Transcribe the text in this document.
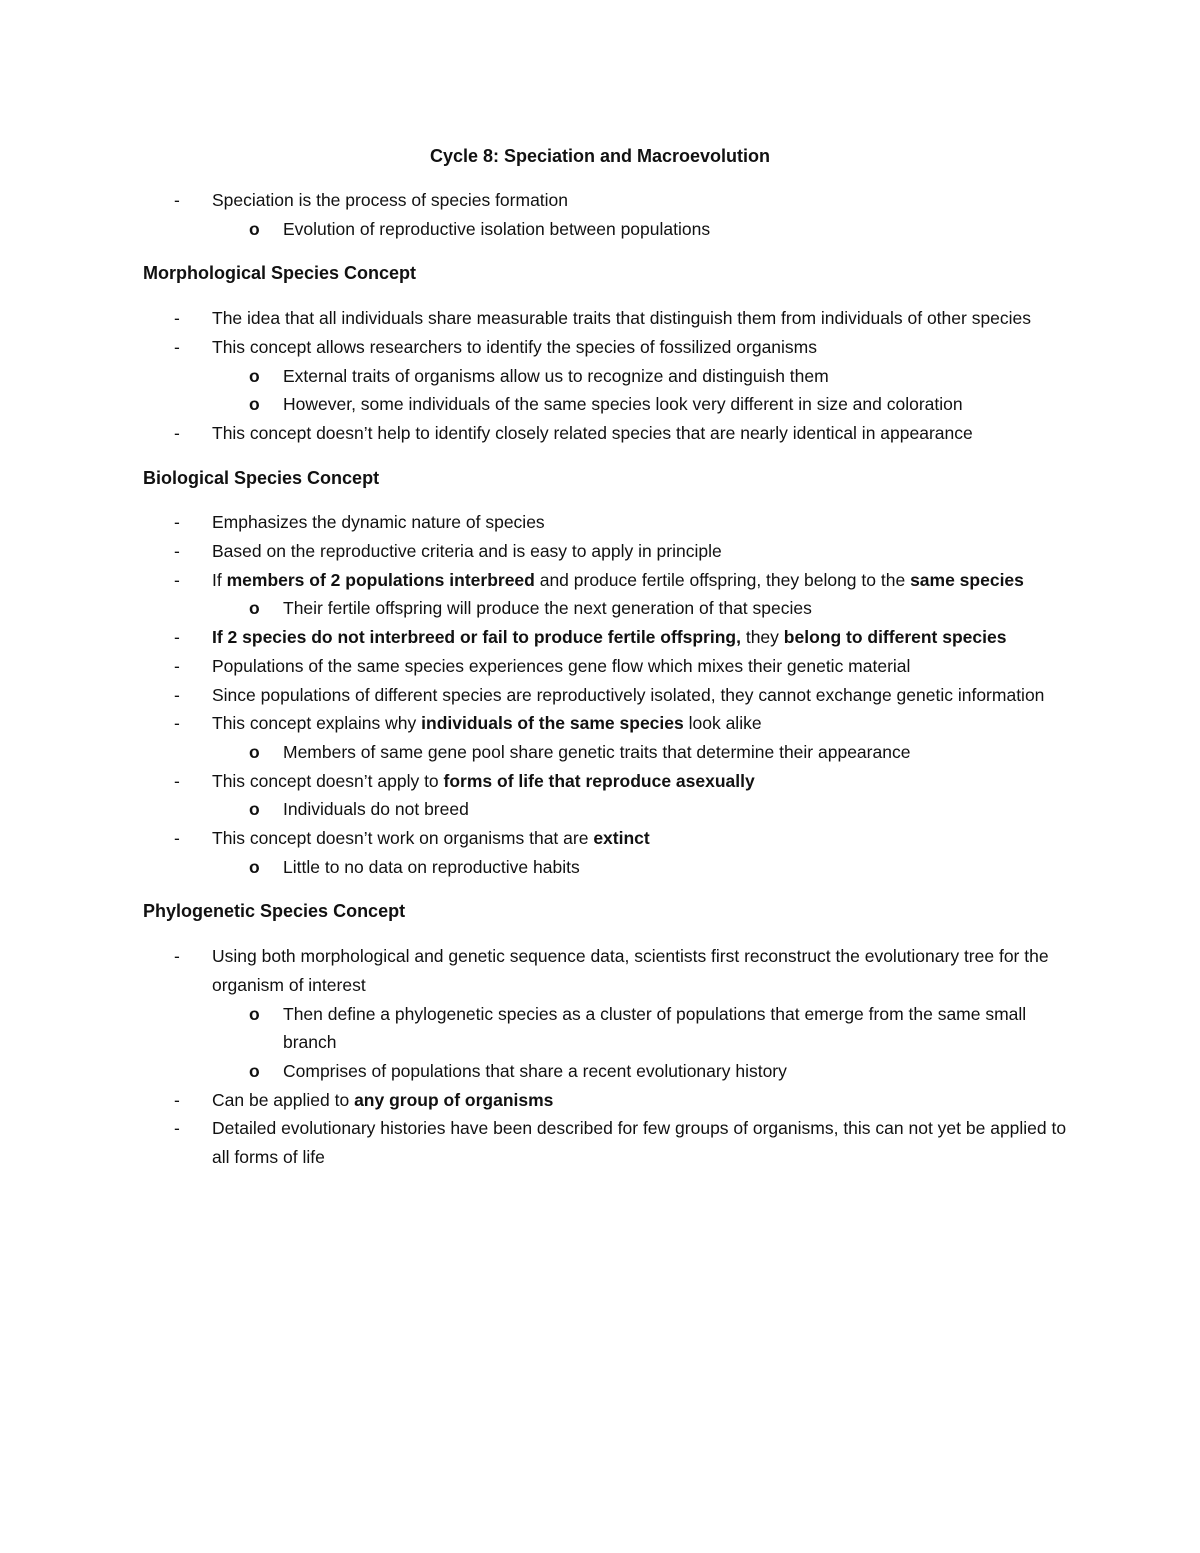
Cycle 8: Speciation and Macroevolution
- Speciation is the process of species formation
o Evolution of reproductive isolation between populations
Morphological Species Concept
- The idea that all individuals share measurable traits that distinguish them from individuals of other species
- This concept allows researchers to identify the species of fossilized organisms
o External traits of organisms allow us to recognize and distinguish them
o However, some individuals of the same species look very different in size and coloration
- This concept doesn’t help to identify closely related species that are nearly identical in appearance
Biological Species Concept
- Emphasizes the dynamic nature of species
- Based on the reproductive criteria and is easy to apply in principle
- If members of 2 populations interbreed and produce fertile offspring, they belong to the same species
o Their fertile offspring will produce the next generation of that species
- If 2 species do not interbreed or fail to produce fertile offspring, they belong to different species
- Populations of the same species experiences gene flow which mixes their genetic material
- Since populations of different species are reproductively isolated, they cannot exchange genetic information
- This concept explains why individuals of the same species look alike
o Members of same gene pool share genetic traits that determine their appearance
- This concept doesn’t apply to forms of life that reproduce asexually
o Individuals do not breed
- This concept doesn’t work on organisms that are extinct
o Little to no data on reproductive habits
Phylogenetic Species Concept
- Using both morphological and genetic sequence data, scientists first reconstruct the evolutionary tree for the organism of interest
o Then define a phylogenetic species as a cluster of populations that emerge from the same small branch
o Comprises of populations that share a recent evolutionary history
- Can be applied to any group of organisms
- Detailed evolutionary histories have been described for few groups of organisms, this can not yet be applied to all forms of life
